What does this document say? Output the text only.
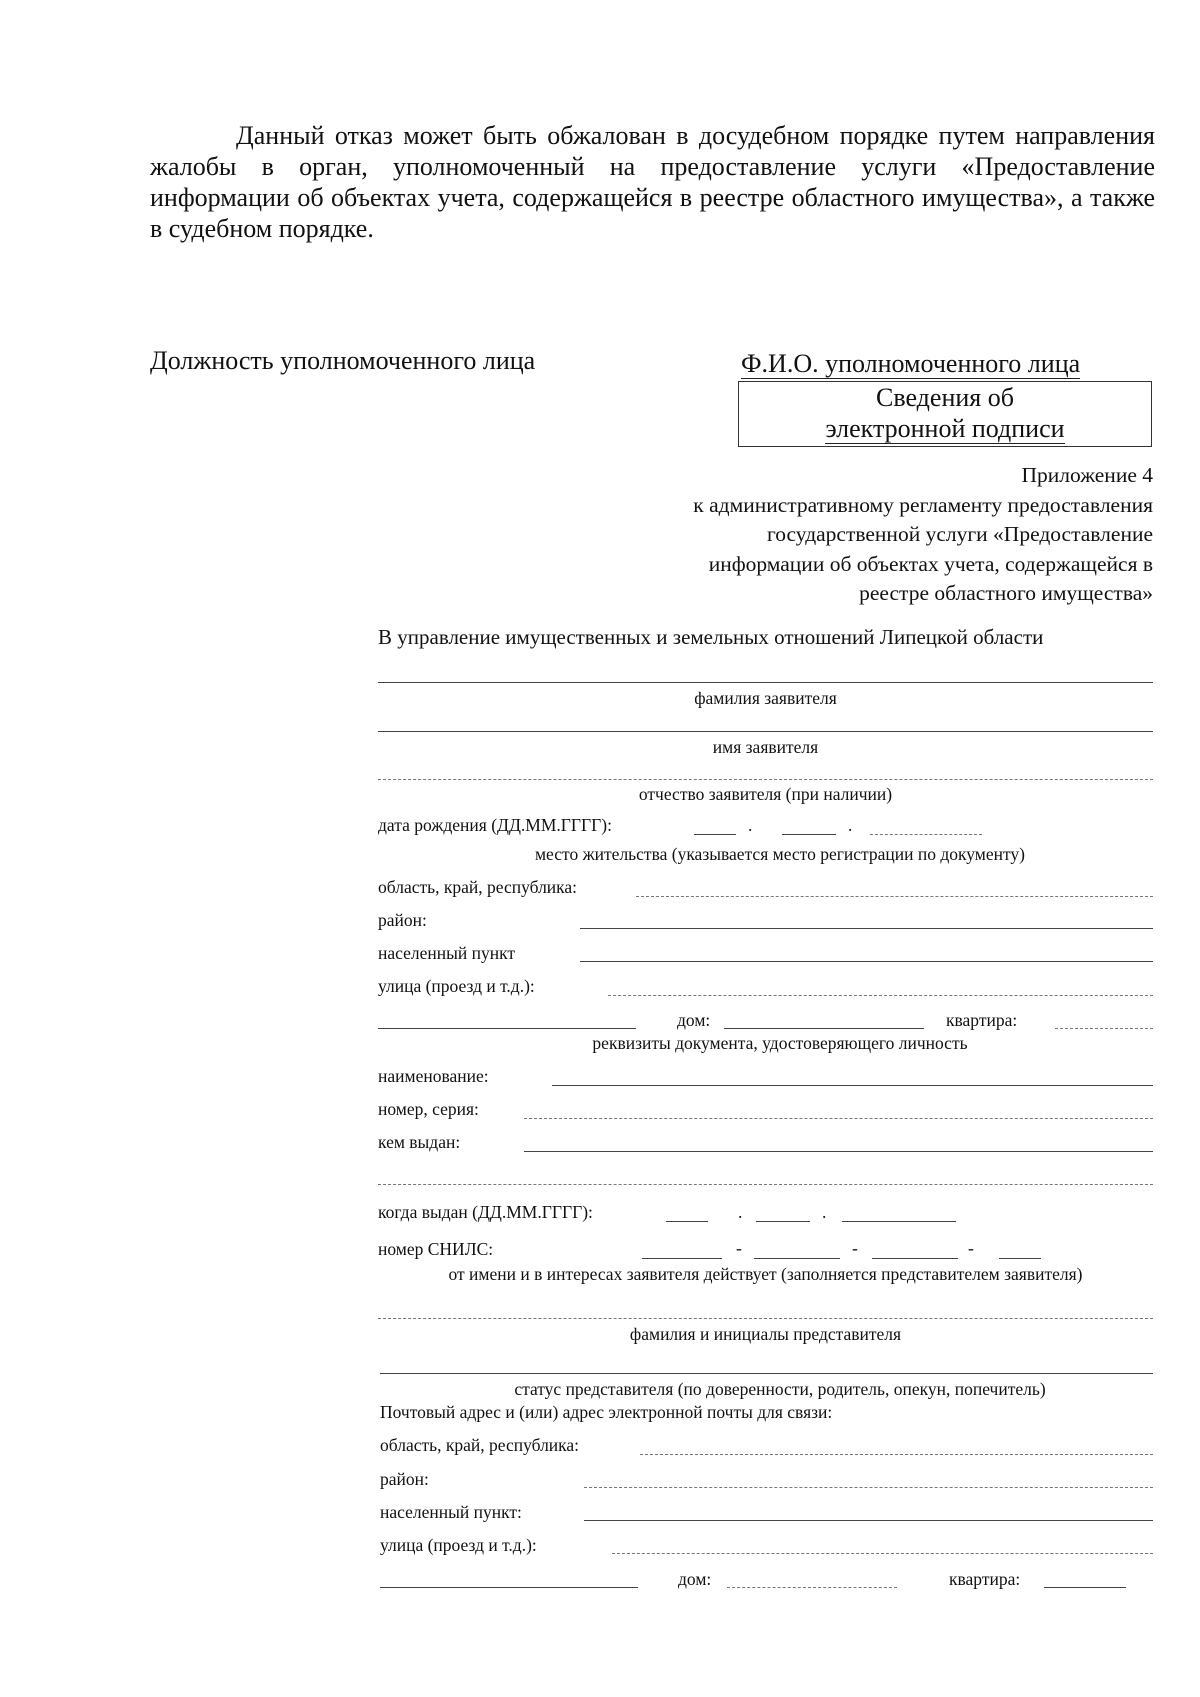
Данный отказ может быть обжалован в досудебном порядке путем направления жалобы в орган, уполномоченный на предоставление услуги «Предоставление информации об объектах учета, содержащейся в реестре областного имущества», а также в судебном порядке.

Должность уполномоченного лица	Ф.И.О. уполномоченного лица
Сведения об
электронной подписи
Приложение 4
к административному регламенту предоставления
государственной услуги «Предоставление
информации об объектах учета, содержащейся в
реестре областного имущества»
В управление имущественных и земельных отношений Липецкой области
фамилия заявителя
имя заявителя
отчество заявителя (при наличии)
дата рождения (ДД.ММ.ГГГГ):	.	.
место жительства (указывается место регистрации по документу)
область, край, республика:
район:
населенный пункт
улица (проезд и т.д.):
дом:	квартира:
реквизиты документа, удостоверяющего личность
наименование:
номер, серия:
кем выдан:
когда выдан (ДД.ММ.ГГГГ):	.	.
номер СНИЛС:	-	-	-
от имени и в интересах заявителя действует (заполняется представителем заявителя)
фамилия и инициалы представителя
статус представителя (по доверенности, родитель, опекун, попечитель)
Почтовый адрес и (или) адрес электронной почты для связи:
область, край, республика:
район:
населенный пункт:
улица (проезд и т.д.):
дом:	квартира:
